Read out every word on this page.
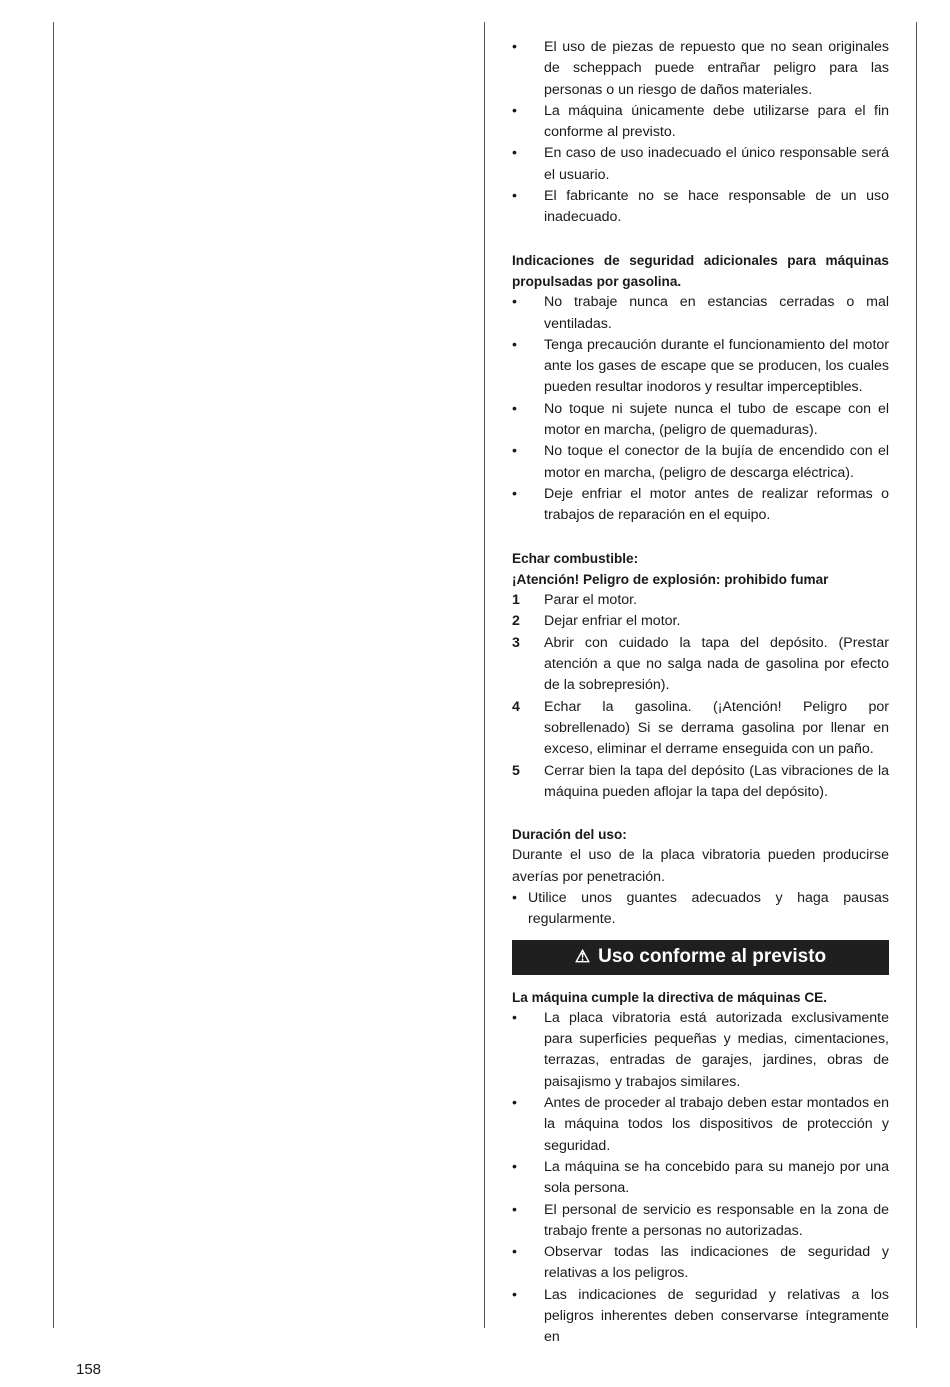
• El uso de piezas de repuesto que no sean originales de scheppach puede entrañar peligro para las personas o un riesgo de daños materiales.
• La máquina únicamente debe utilizarse para el fin conforme al previsto.
• En caso de uso inadecuado el único responsable será el usuario.
• El fabricante no se hace responsable de un uso inadecuado.

Indicaciones de seguridad adicionales para máquinas propulsadas por gasolina.

• No trabaje nunca en estancias cerradas o mal ventiladas.
• Tenga precaución durante el funcionamiento del motor ante los gases de escape que se producen, los cuales pueden resultar inodoros y resultar imperceptibles.
• No toque ni sujete nunca el tubo de escape con el motor en marcha, (peligro de quemaduras).
• No toque el conector de la bujía de encendido con el motor en marcha, (peligro de descarga eléctrica).
• Deje enfriar el motor antes de realizar reformas o trabajos de reparación en el equipo.

Echar combustible:

¡Atención! Peligro de explosión: prohibido fumar

1 Parar el motor.
2 Dejar enfriar el motor.
3 Abrir con cuidado la tapa del depósito. (Prestar atención a que no salga nada de gasolina por efecto de la sobrepresión).
4 Echar la gasolina. (¡Atención! Peligro por sobrellenado) Si se derrama gasolina por llenar en exceso, eliminar el derrame enseguida con un paño.
5 Cerrar bien la tapa del depósito (Las vibraciones de la máquina pueden aflojar la tapa del depósito).

Duración del uso:

Durante el uso de la placa vibratoria pueden producirse averías por penetración.

• Utilice unos guantes adecuados y haga pausas regularmente.
⚠ Uso conforme al previsto

La máquina cumple la directiva de máquinas CE.

• La placa vibratoria está autorizada exclusivamente para superficies pequeñas y medias, cimentaciones, terrazas, entradas de garajes, jardines, obras de paisajismo y trabajos similares.
• Antes de proceder al trabajo deben estar montados en la máquina todos los dispositivos de protección y seguridad.
• La máquina se ha concebido para su manejo por una sola persona.
• El personal de servicio es responsable en la zona de trabajo frente a personas no autorizadas.
• Observar todas las indicaciones de seguridad y relativas a los peligros.
• Las indicaciones de seguridad y relativas a los peligros inherentes deben conservarse íntegramente en
158
